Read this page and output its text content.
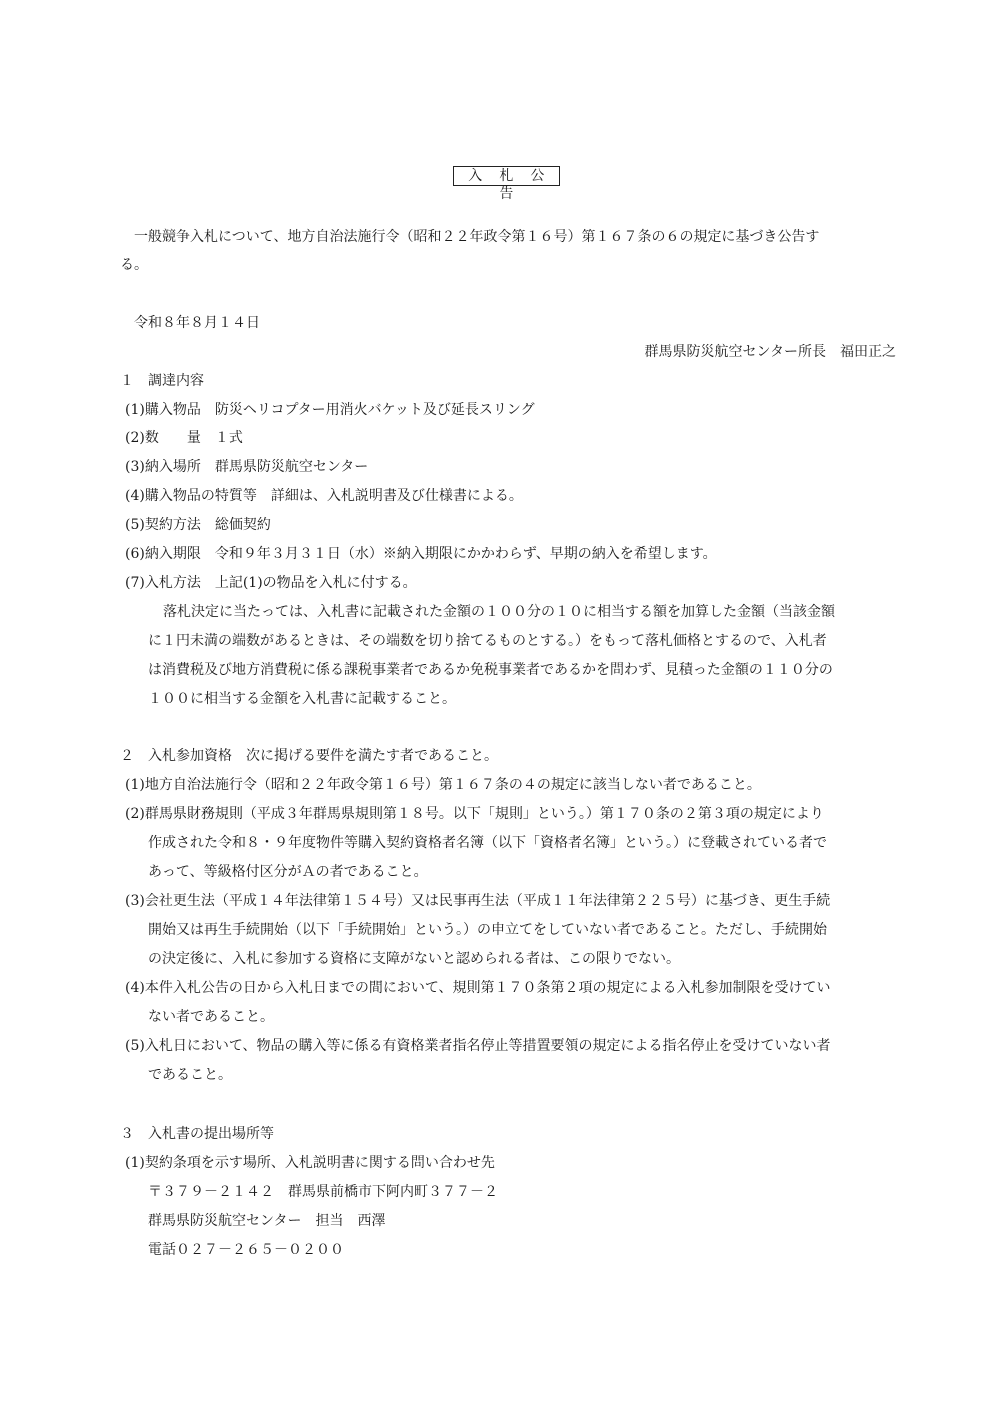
入 札 公 告
一般競争入札について、地方自治法施行令（昭和２２年政令第１６号）第１６７条の６の規定に基づき公告す
る。
令和８年８月１４日
群馬県防災航空センター所長　福田正之
１　調達内容
(1)購入物品　防災ヘリコプター用消火バケット及び延長スリング
(2)数　　量　１式
(3)納入場所　群馬県防災航空センター
(4)購入物品の特質等　詳細は、入札説明書及び仕様書による。
(5)契約方法　総価契約
(6)納入期限　令和９年３月３１日（水）※納入期限にかかわらず、早期の納入を希望します。
(7)入札方法　上記(1)の物品を入札に付する。
落札決定に当たっては、入札書に記載された金額の１００分の１０に相当する額を加算した金額（当該金額
に１円未満の端数があるときは、その端数を切り捨てるものとする。）をもって落札価格とするので、入札者
は消費税及び地方消費税に係る課税事業者であるか免税事業者であるかを問わず、見積った金額の１１０分の
１００に相当する金額を入札書に記載すること。
２　入札参加資格　次に掲げる要件を満たす者であること。
(1)地方自治法施行令（昭和２２年政令第１６号）第１６７条の４の規定に該当しない者であること。
(2)群馬県財務規則（平成３年群馬県規則第１８号。以下「規則」という。）第１７０条の２第３項の規定により
作成された令和８・９年度物件等購入契約資格者名簿（以下「資格者名簿」という。）に登載されている者で
あって、等級格付区分がＡの者であること。
(3)会社更生法（平成１４年法律第１５４号）又は民事再生法（平成１１年法律第２２５号）に基づき、更生手続
開始又は再生手続開始（以下「手続開始」という。）の申立てをしていない者であること。ただし、手続開始
の決定後に、入札に参加する資格に支障がないと認められる者は、この限りでない。
(4)本件入札公告の日から入札日までの間において、規則第１７０条第２項の規定による入札参加制限を受けてい
ない者であること。
(5)入札日において、物品の購入等に係る有資格業者指名停止等措置要領の規定による指名停止を受けていない者
であること。
３　入札書の提出場所等
(1)契約条項を示す場所、入札説明書に関する問い合わせ先
〒３７９－２１４２　群馬県前橋市下阿内町３７７－２
群馬県防災航空センター　担当　西澤
電話０２７－２６５－０２００
